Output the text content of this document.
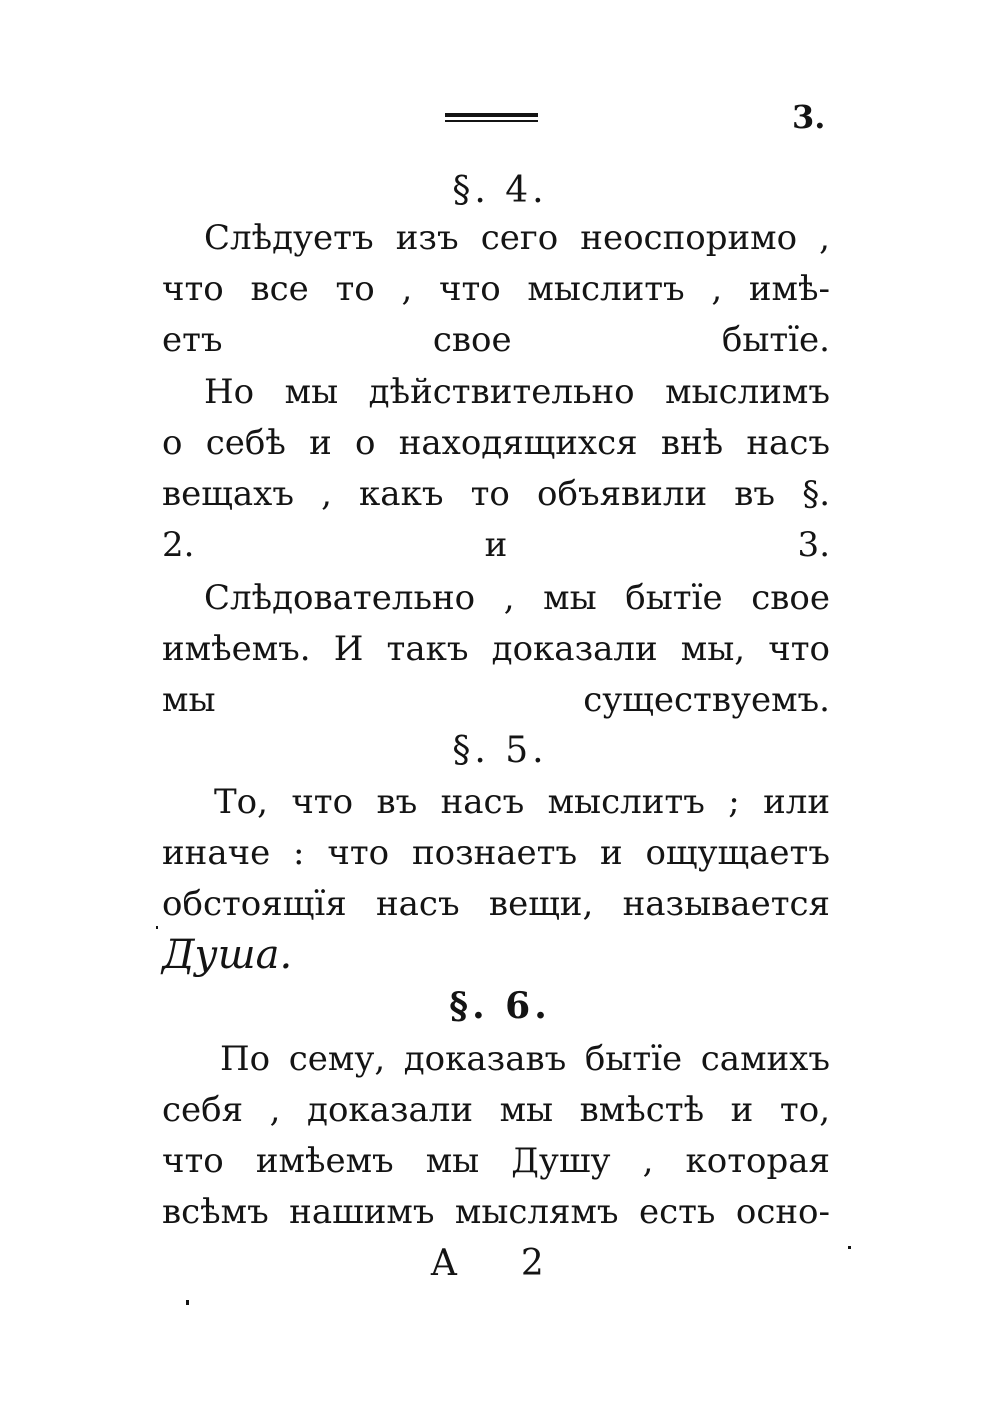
3.
§. 4.
Слѣдуетъ изъ сего неоспоримо ,
что все то , что мыслитъ , имѣ-
етъ свое бытїе.
Но мы дѣйствительно мыслимъ
о себѣ и о находящихся внѣ насъ
вещахъ , какъ то объявили въ §.
2. и 3.
Слѣдовательно , мы бытїе свое
имѣемъ. И такъ доказали мы, что
мы существуемъ.
§. 5.
То, что въ насъ мыслитъ ; или
иначе : что познаетъ и ощущаетъ
обстоящїя насъ вещи, называется
Душа.
§. 6.
По сему, доказавъ бытїе самихъ
себя , доказали мы вмѣстѣ и то,
что имѣемъ мы Душу , которая
всѣмъ нашимъ мыслямъ есть осно-
А 2
